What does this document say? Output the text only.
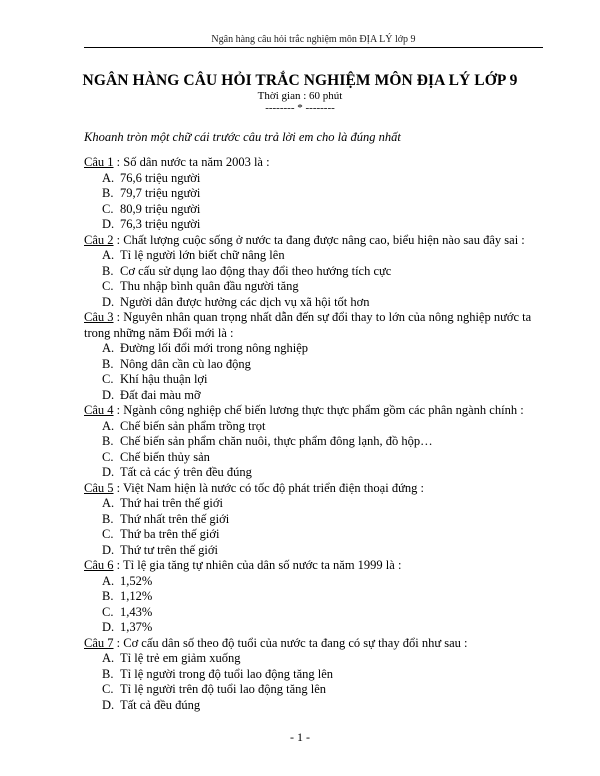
Ngân hàng câu hỏi trắc nghiệm môn ĐỊA LÝ lớp 9
NGÂN HÀNG CÂU HỎI TRẮC NGHIỆM MÔN ĐỊA LÝ LỚP 9
Thời gian : 60 phút
-------- * --------
Khoanh tròn một chữ cái trước câu trả lời em cho là đúng nhất
Câu 1 : Số dân nước ta năm 2003 là :
A. 76,6 triệu người
B. 79,7 triệu người
C. 80,9 triệu người
D. 76,3 triệu người
Câu 2 : Chất lượng cuộc sống ở nước ta đang được nâng cao, biểu hiện nào sau đây sai :
A. Tỉ lệ người lớn biết chữ nâng lên
B. Cơ cấu sử dụng lao động thay đổi theo hướng tích cực
C. Thu nhập bình quân đầu người tăng
D. Người dân được hưởng các dịch vụ xã hội tốt hơn
Câu 3 : Nguyên nhân quan trọng nhất dẫn đến sự đổi thay to lớn của nông nghiệp nước ta trong những năm Đổi mới là :
A. Đường lối đổi mới trong nông nghiệp
B. Nông dân cần cù lao động
C. Khí hậu thuận lợi
D. Đất đai màu mỡ
Câu 4 : Ngành công nghiệp chế biến lương thực thực phẩm gồm các phân ngành chính :
A. Chế biến sản phẩm trồng trọt
B. Chế biến sản phẩm chăn nuôi, thực phẩm đông lạnh, đồ hộp…
C. Chế biến thủy sản
D. Tất cả các ý trên đều đúng
Câu 5 : Việt Nam hiện là nước có tốc độ phát triển điện thoại đứng :
A. Thứ hai trên thế giới
B. Thứ nhất trên thế giới
C. Thứ ba trên thế giới
D. Thứ tư trên thế giới
Câu 6 : Tỉ lệ gia tăng tự nhiên của dân số nước ta năm 1999 là :
A. 1,52%
B. 1,12%
C. 1,43%
D. 1,37%
Câu 7 : Cơ cấu dân số theo độ tuổi của nước ta đang có sự thay đổi như sau :
A. Tỉ lệ trẻ em giảm xuống
B. Tỉ lệ người trong độ tuổi lao động tăng lên
C. Tỉ lệ người trên độ tuổi lao động tăng lên
D. Tất cả đều đúng
- 1 -
